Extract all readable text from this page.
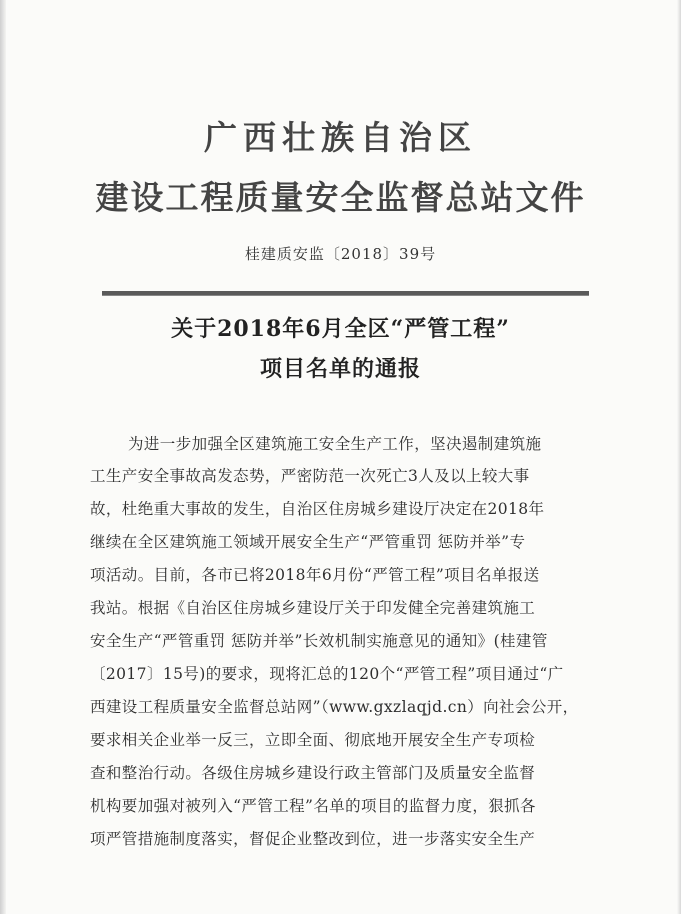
广西壮族自治区
建设工程质量安全监督总站文件
桂建质安监〔2018〕39号
关于2018年6月全区“严管工程”
项目名单的通报
为进一步加强全区建筑施工安全生产工作，坚决遏制建筑施
工生产安全事故高发态势，严密防范一次死亡3人及以上较大事
故，杜绝重大事故的发生，自治区住房城乡建设厅决定在2018年
继续在全区建筑施工领域开展安全生产“严管重罚 惩防并举”专
项活动。目前，各市已将2018年6月份“严管工程”项目名单报送
我站。根据《自治区住房城乡建设厅关于印发健全完善建筑施工
安全生产“严管重罚 惩防并举”长效机制实施意见的通知》(桂建管
〔2017〕15号)的要求，现将汇总的120个“严管工程”项目通过“广
西建设工程质量安全监督总站网”（www.gxzlaqjd.cn）向社会公开，
要求相关企业举一反三，立即全面、彻底地开展安全生产专项检
查和整治行动。各级住房城乡建设行政主管部门及质量安全监督
机构要加强对被列入“严管工程”名单的项目的监督力度，狠抓各
项严管措施制度落实，督促企业整改到位，进一步落实安全生产
